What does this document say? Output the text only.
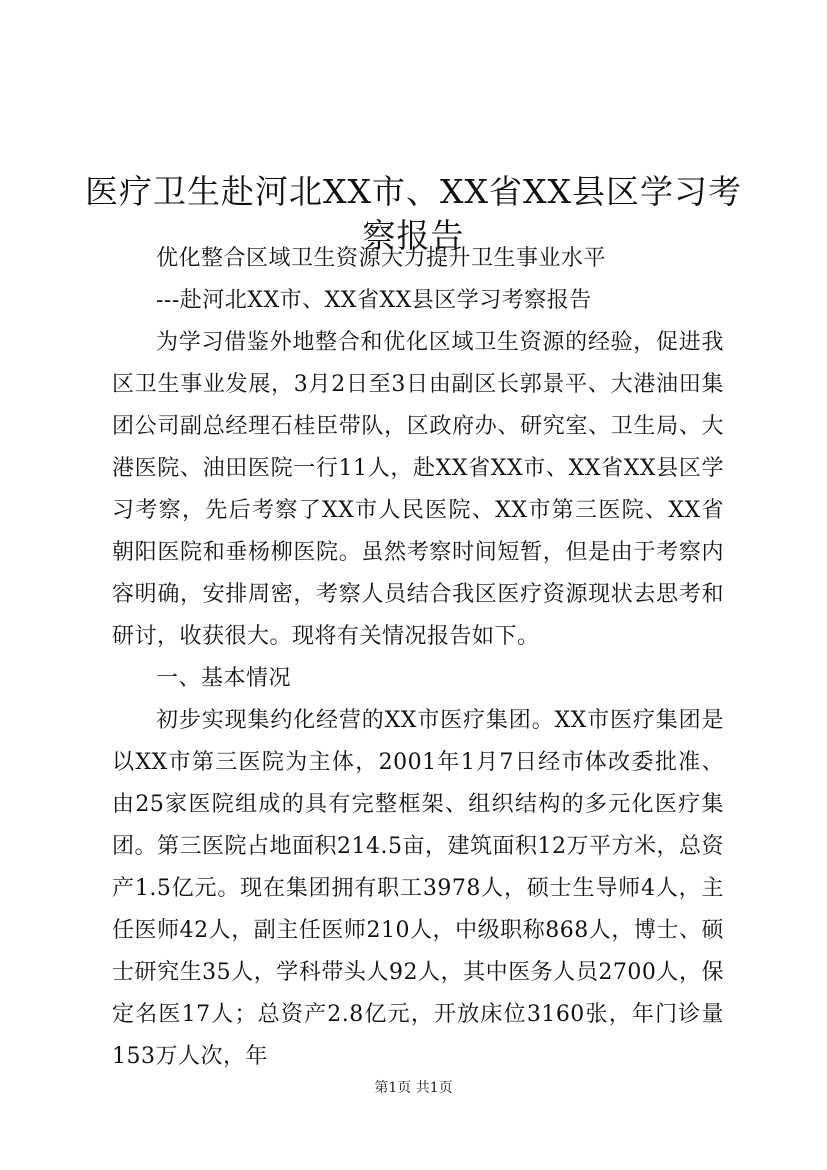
医疗卫生赴河北XX市、XX省XX县区学习考察报告

优化整合区域卫生资源大力提升卫生事业水平

---赴河北XX市、XX省XX县区学习考察报告

为学习借鉴外地整合和优化区域卫生资源的经验，促进我区卫生事业发展，3月2日至3日由副区长郭景平、大港油田集团公司副总经理石桂臣带队，区政府办、研究室、卫生局、大港医院、油田医院一行11人，赴XX省XX市、XX省XX县区学习考察，先后考察了XX市人民医院、XX市第三医院、XX省朝阳医院和垂杨柳医院。虽然考察时间短暂，但是由于考察内容明确，安排周密，考察人员结合我区医疗资源现状去思考和研讨，收获很大。现将有关情况报告如下。

一、基本情况

初步实现集约化经营的XX市医疗集团。XX市医疗集团是以XX市第三医院为主体，2001年1月7日经市体改委批准、由25家医院组成的具有完整框架、组织结构的多元化医疗集团。第三医院占地面积214.5亩，建筑面积12万平方米，总资产1.5亿元。现在集团拥有职工3978人，硕士生导师4人，主任医师42人，副主任医师210人，中级职称868人，博士、硕士研究生35人，学科带头人92人，其中医务人员2700人，保定名医17人；总资产2.8亿元，开放床位3160张，年门诊量153万人次，年

第1页 共1页
